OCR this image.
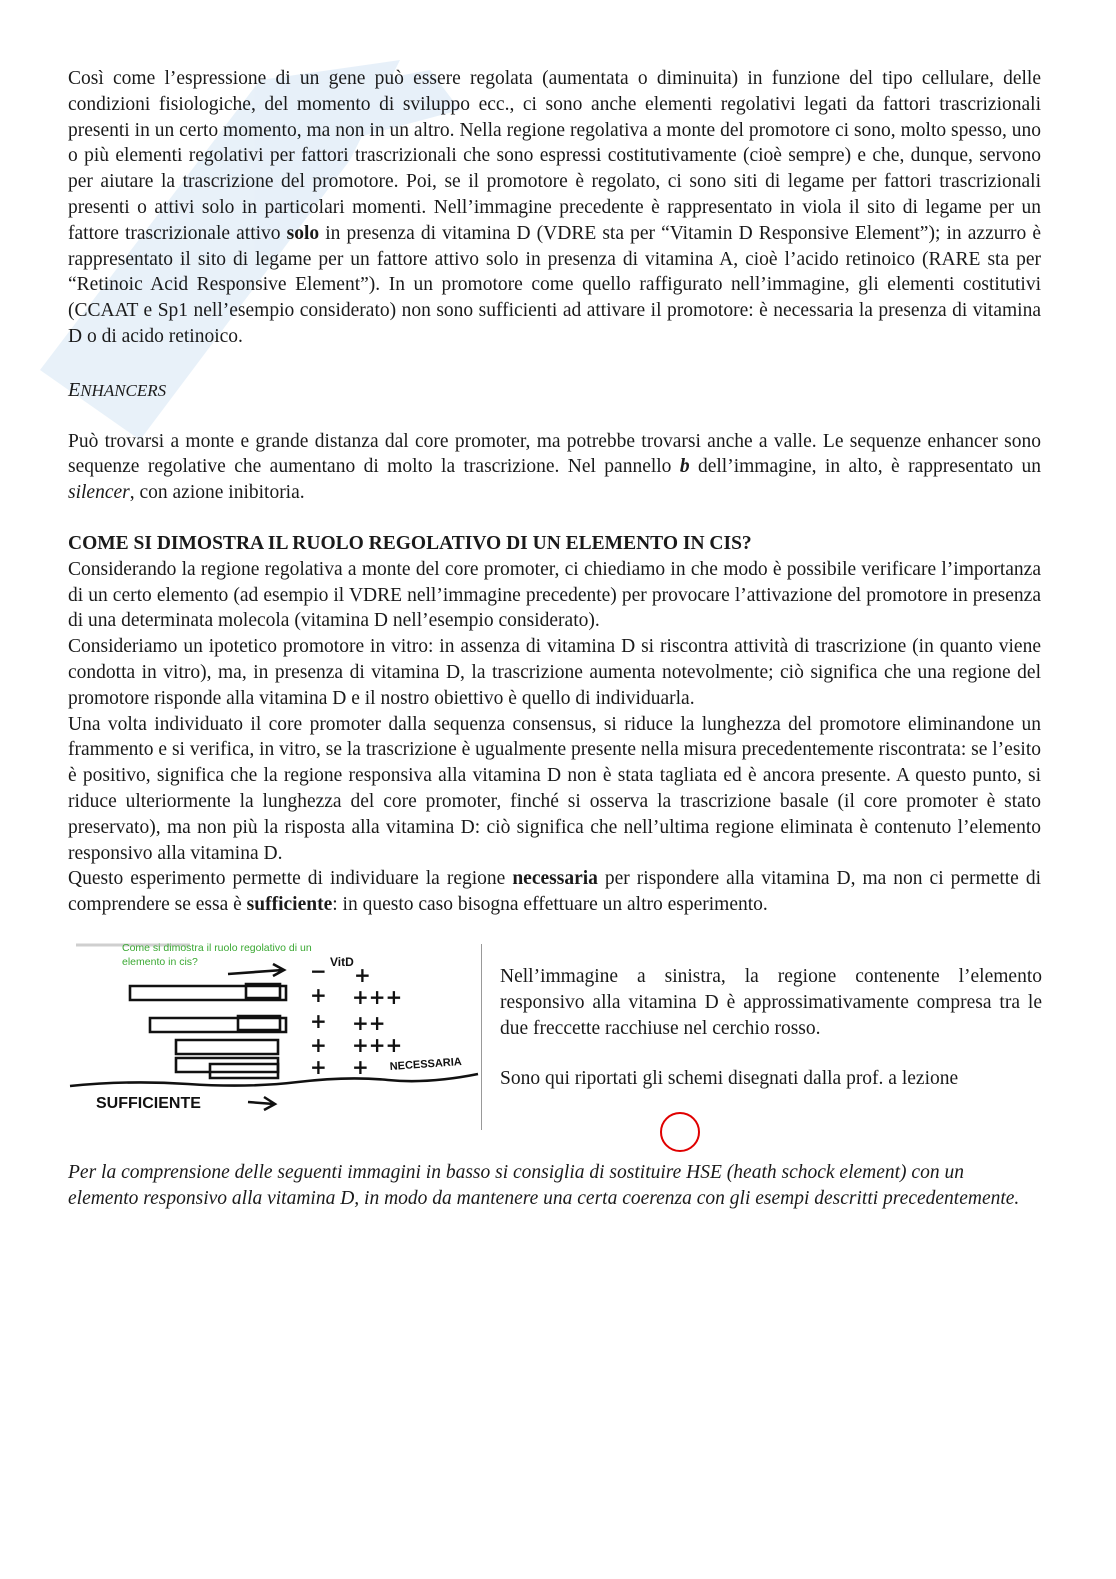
Così come l’espressione di un gene può essere regolata (aumentata o diminuita) in funzione del tipo cellulare, delle condizioni fisiologiche, del momento di sviluppo ecc., ci sono anche elementi regolativi legati da fattori trascrizionali presenti in un certo momento, ma non in un altro. Nella regione regolativa a monte del promotore ci sono, molto spesso, uno o più elementi regolativi per fattori trascrizionali che sono espressi costitutivamente (cioè sempre) e che, dunque, servono per aiutare la trascrizione del promotore. Poi, se il promotore è regolato, ci sono siti di legame per fattori trascrizionali presenti o attivi solo in particolari momenti. Nell’immagine precedente è rappresentato in viola il sito di legame per un fattore trascrizionale attivo solo in presenza di vitamina D (VDRE sta per “Vitamin D Responsive Element”); in azzurro è rappresentato il sito di legame per un fattore attivo solo in presenza di vitamina A, cioè l’acido retinoico (RARE sta per “Retinoic Acid Responsive Element”). In un promotore come quello raffigurato nell’immagine, gli elementi costitutivi (CCAAT e Sp1 nell’esempio considerato) non sono sufficienti ad attivare il promotore: è necessaria la presenza di vitamina D o di acido retinoico.

ENHANCERS

Può trovarsi a monte e grande distanza dal core promoter, ma potrebbe trovarsi anche a valle. Le sequenze enhancer sono sequenze regolative che aumentano di molto la trascrizione. Nel pannello b dell’immagine, in alto, è rappresentato un silencer, con azione inibitoria.

COME SI DIMOSTRA IL RUOLO REGOLATIVO DI UN ELEMENTO IN CIS?

Considerando la regione regolativa a monte del core promoter, ci chiediamo in che modo è possibile verificare l’importanza di un certo elemento (ad esempio il VDRE nell’immagine precedente) per provocare l’attivazione del promotore in presenza di una determinata molecola (vitamina D nell’esempio considerato).

Consideriamo un ipotetico promotore in vitro: in assenza di vitamina D si riscontra attività di trascrizione (in quanto viene condotta in vitro), ma, in presenza di vitamina D, la trascrizione aumenta notevolmente; ciò significa che una regione del promotore risponde alla vitamina D e il nostro obiettivo è quello di individuarla.

Una volta individuato il core promoter dalla sequenza consensus, si riduce la lunghezza del promotore eliminandone un frammento e si verifica, in vitro, se la trascrizione è ugualmente presente nella misura precedentemente riscontrata: se l’esito è positivo, significa che la regione responsiva alla vitamina D non è stata tagliata ed è ancora presente. A questo punto, si riduce ulteriormente la lunghezza del core promoter, finché si osserva la trascrizione basale (il core promoter è stato preservato), ma non più la risposta alla vitamina D: ciò significa che nell’ultima regione eliminata è contenuto l’elemento responsivo alla vitamina D.

Questo esperimento permette di individuare la regione necessaria per rispondere alla vitamina D, ma non ci permette di comprendere se essa è sufficiente: in questo caso bisogna effettuare un altro esperimento.

Come si dimostra il ruolo regolativo di un
elemento in cis?	−
+
+
+++
+ ++
+ +++
+ +
VitD
NECESSARIA
SUFFICIENTE

Nell’immagine a sinistra, la regione contenente l’elemento responsivo alla vitamina D è approssimativamente compresa tra le due freccette racchiuse nel cerchio rosso.

Sono qui riportati gli schemi disegnati dalla prof. a lezione

Per la comprensione delle seguenti immagini in basso si consiglia di sostituire HSE (heath schock element) con un

elemento responsivo alla vitamina D, in modo da mantenere una certa coerenza con gli esempi descritti precedentemente.
